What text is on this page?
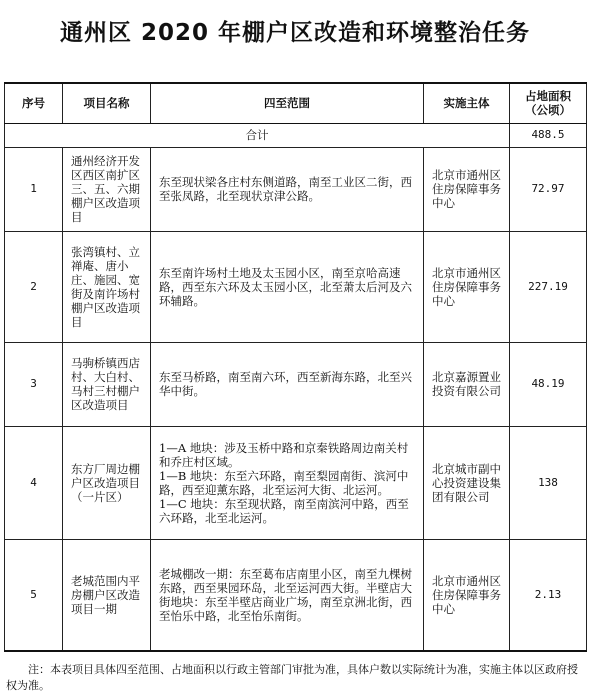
通州区 2020 年棚户区改造和环境整治任务
序号	项目名称	四至范围	实施主体	占地面积（公顷）
合计				488.5
1	通州经济开发区西区南扩区三、五、六期棚户区改造项目	东至现状梁各庄村东侧道路，南至工业区二街，西至张凤路，北至现状京津公路。	北京市通州区住房保障事务中心	72.97
2	张湾镇村、立禅庵、唐小庄、施园、宽街及南许场村棚户区改造项目	东至南许场村土地及太玉园小区，南至京哈高速路，西至东六环及太玉园小区，北至萧太后河及六环辅路。	北京市通州区住房保障事务中心	227.19
3	马驹桥镇西店村、大白村、马村三村棚户区改造项目	东至马桥路，南至南六环，西至新海东路，北至兴华中街。	北京嘉源置业投资有限公司	48.19
4	东方厂周边棚户区改造项目（一片区）	1—A 地块：涉及玉桥中路和京秦铁路周边南关村和乔庄村区域。
1—B 地块：东至六环路，南至梨园南街、滨河中路，西至迎薰东路，北至运河大街、北运河。
1—C 地块：东至现状路，南至南滨河中路，西至六环路，北至北运河。	北京城市副中心投资建设集团有限公司	138
5	老城范围内平房棚户区改造项目一期	老城棚改一期：东至葛布店南里小区，南至九棵树东路，西至果园环岛，北至运河西大街。半壁店大街地块：东至半壁店商业广场，南至京洲北街，西至怡乐中路，北至怡乐南街。	北京市通州区住房保障事务中心	2.13
注：本表项目具体四至范围、占地面积以行政主管部门审批为准，具体户数以实际统计为准，实施主体以区政府授权为准。
